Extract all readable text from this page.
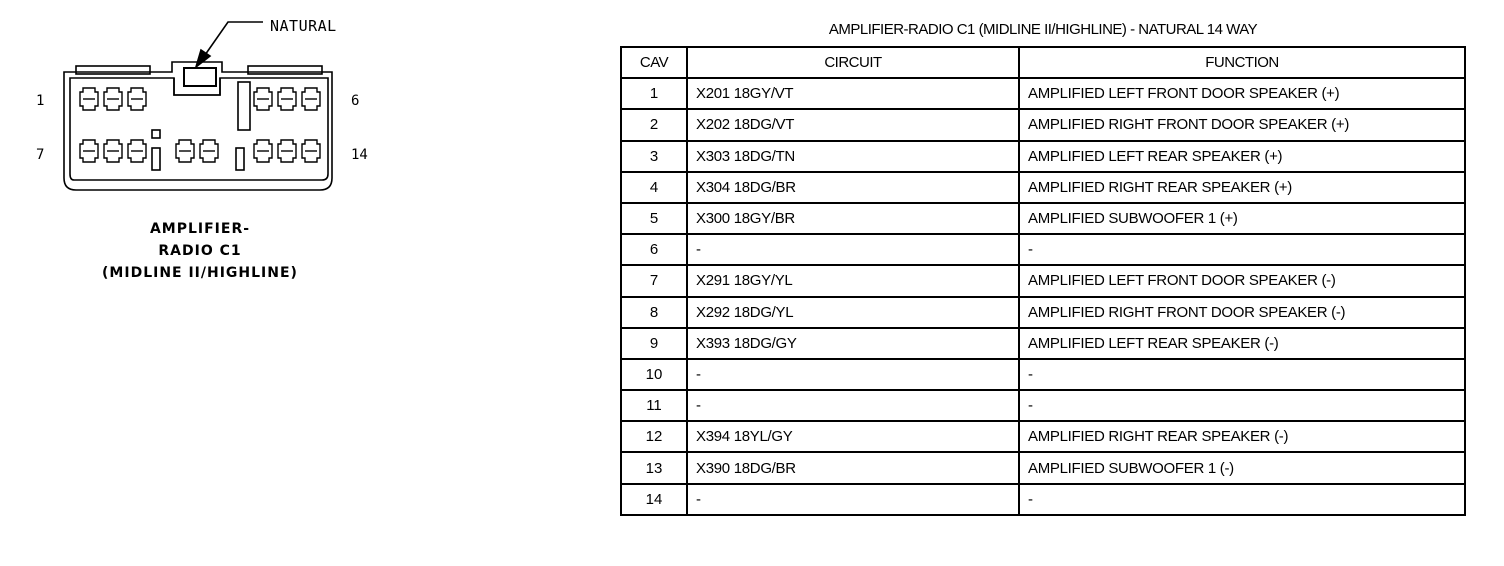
NATURAL
1	6
7	14
AMPLIFIER-
RADIO C1
(MIDLINE II/HIGHLINE)
AMPLIFIER-RADIO C1 (MIDLINE II/HIGHLINE) - NATURAL 14 WAY
CAV	CIRCUIT	FUNCTION
1	X201 18GY/VT	AMPLIFIED LEFT FRONT DOOR SPEAKER (+)
2	X202 18DG/VT	AMPLIFIED RIGHT FRONT DOOR SPEAKER (+)
3	X303 18DG/TN	AMPLIFIED LEFT REAR SPEAKER (+)
4	X304 18DG/BR	AMPLIFIED RIGHT REAR SPEAKER (+)
5	X300 18GY/BR	AMPLIFIED SUBWOOFER 1 (+)
6	-	-
7	X291 18GY/YL	AMPLIFIED LEFT FRONT DOOR SPEAKER (-)
8	X292 18DG/YL	AMPLIFIED RIGHT FRONT DOOR SPEAKER (-)
9	X393 18DG/GY	AMPLIFIED LEFT REAR SPEAKER (-)
10	-	-
11	-	-
12	X394 18YL/GY	AMPLIFIED RIGHT REAR SPEAKER (-)
13	X390 18DG/BR	AMPLIFIED SUBWOOFER 1 (-)
14	-	-
